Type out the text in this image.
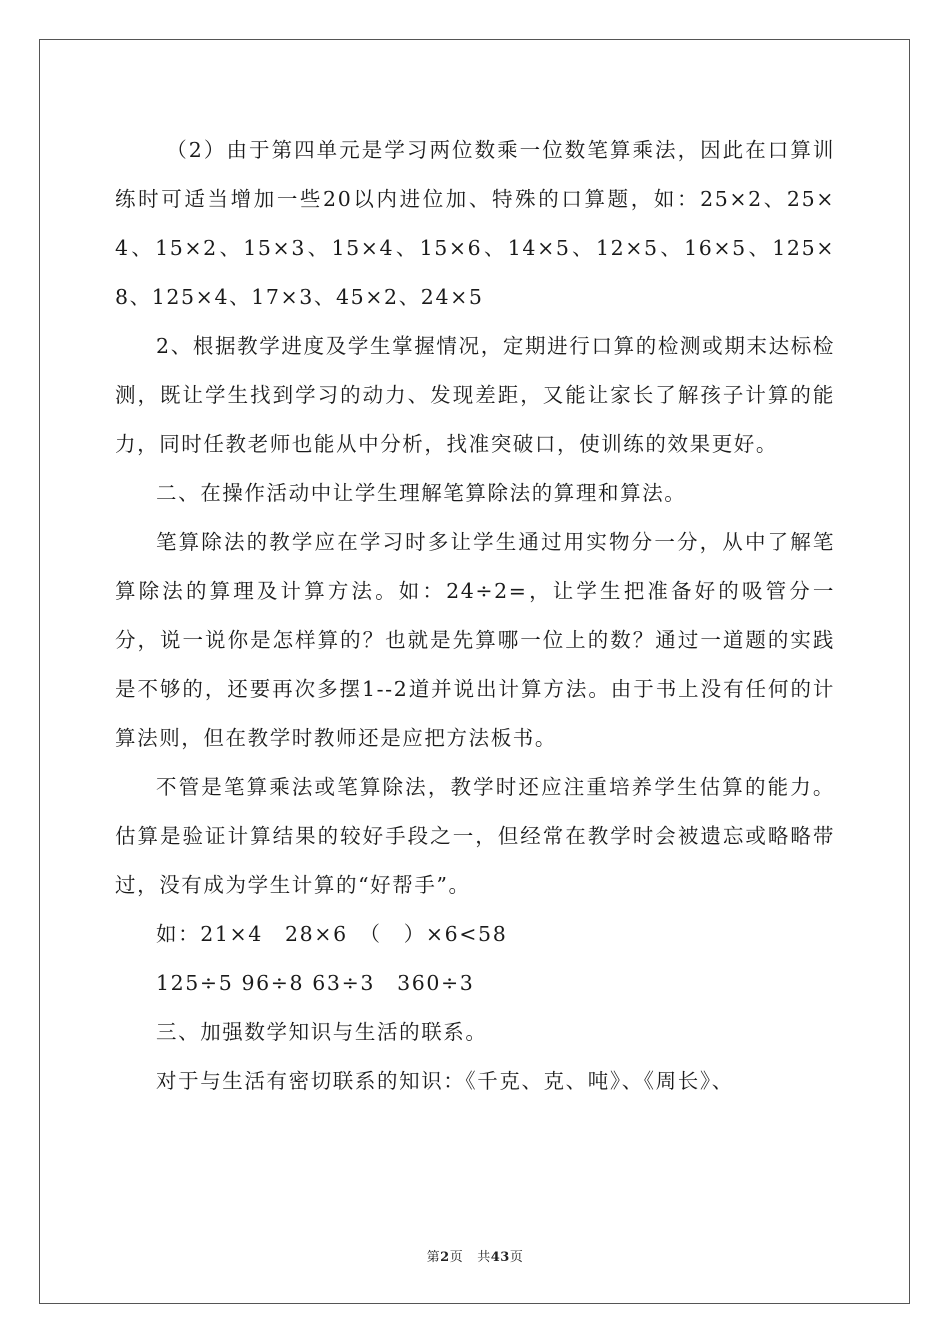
（2）由于第四单元是学习两位数乘一位数笔算乘法，因此在口算训练时可适当增加一些20以内进位加、特殊的口算题，如：25×2、25×4、15×2、15×3、15×4、15×6、14×5、12×5、16×5、125×8、125×4、17×3、45×2、24×5

2、根据教学进度及学生掌握情况，定期进行口算的检测或期末达标检测，既让学生找到学习的动力、发现差距，又能让家长了解孩子计算的能力，同时任教老师也能从中分析，找准突破口，使训练的效果更好。

二、在操作活动中让学生理解笔算除法的算理和算法。

笔算除法的教学应在学习时多让学生通过用实物分一分，从中了解笔算除法的算理及计算方法。如：24÷2=，让学生把准备好的吸管分一分，说一说你是怎样算的？也就是先算哪一位上的数？通过一道题的实践是不够的，还要再次多摆1--2道并说出计算方法。由于书上没有任何的计算法则，但在教学时教师还是应把方法板书。

不管是笔算乘法或笔算除法，教学时还应注重培养学生估算的能力。估算是验证计算结果的较好手段之一，但经常在教学时会被遗忘或略略带过，没有成为学生计算的“好帮手”。

如：21×4　28×6　（　）×6<58

125÷5 96÷8 63÷3　360÷3

三、加强数学知识与生活的联系。

对于与生活有密切联系的知识：《千克、克、吨》、《周长》、

第2页 共43页
